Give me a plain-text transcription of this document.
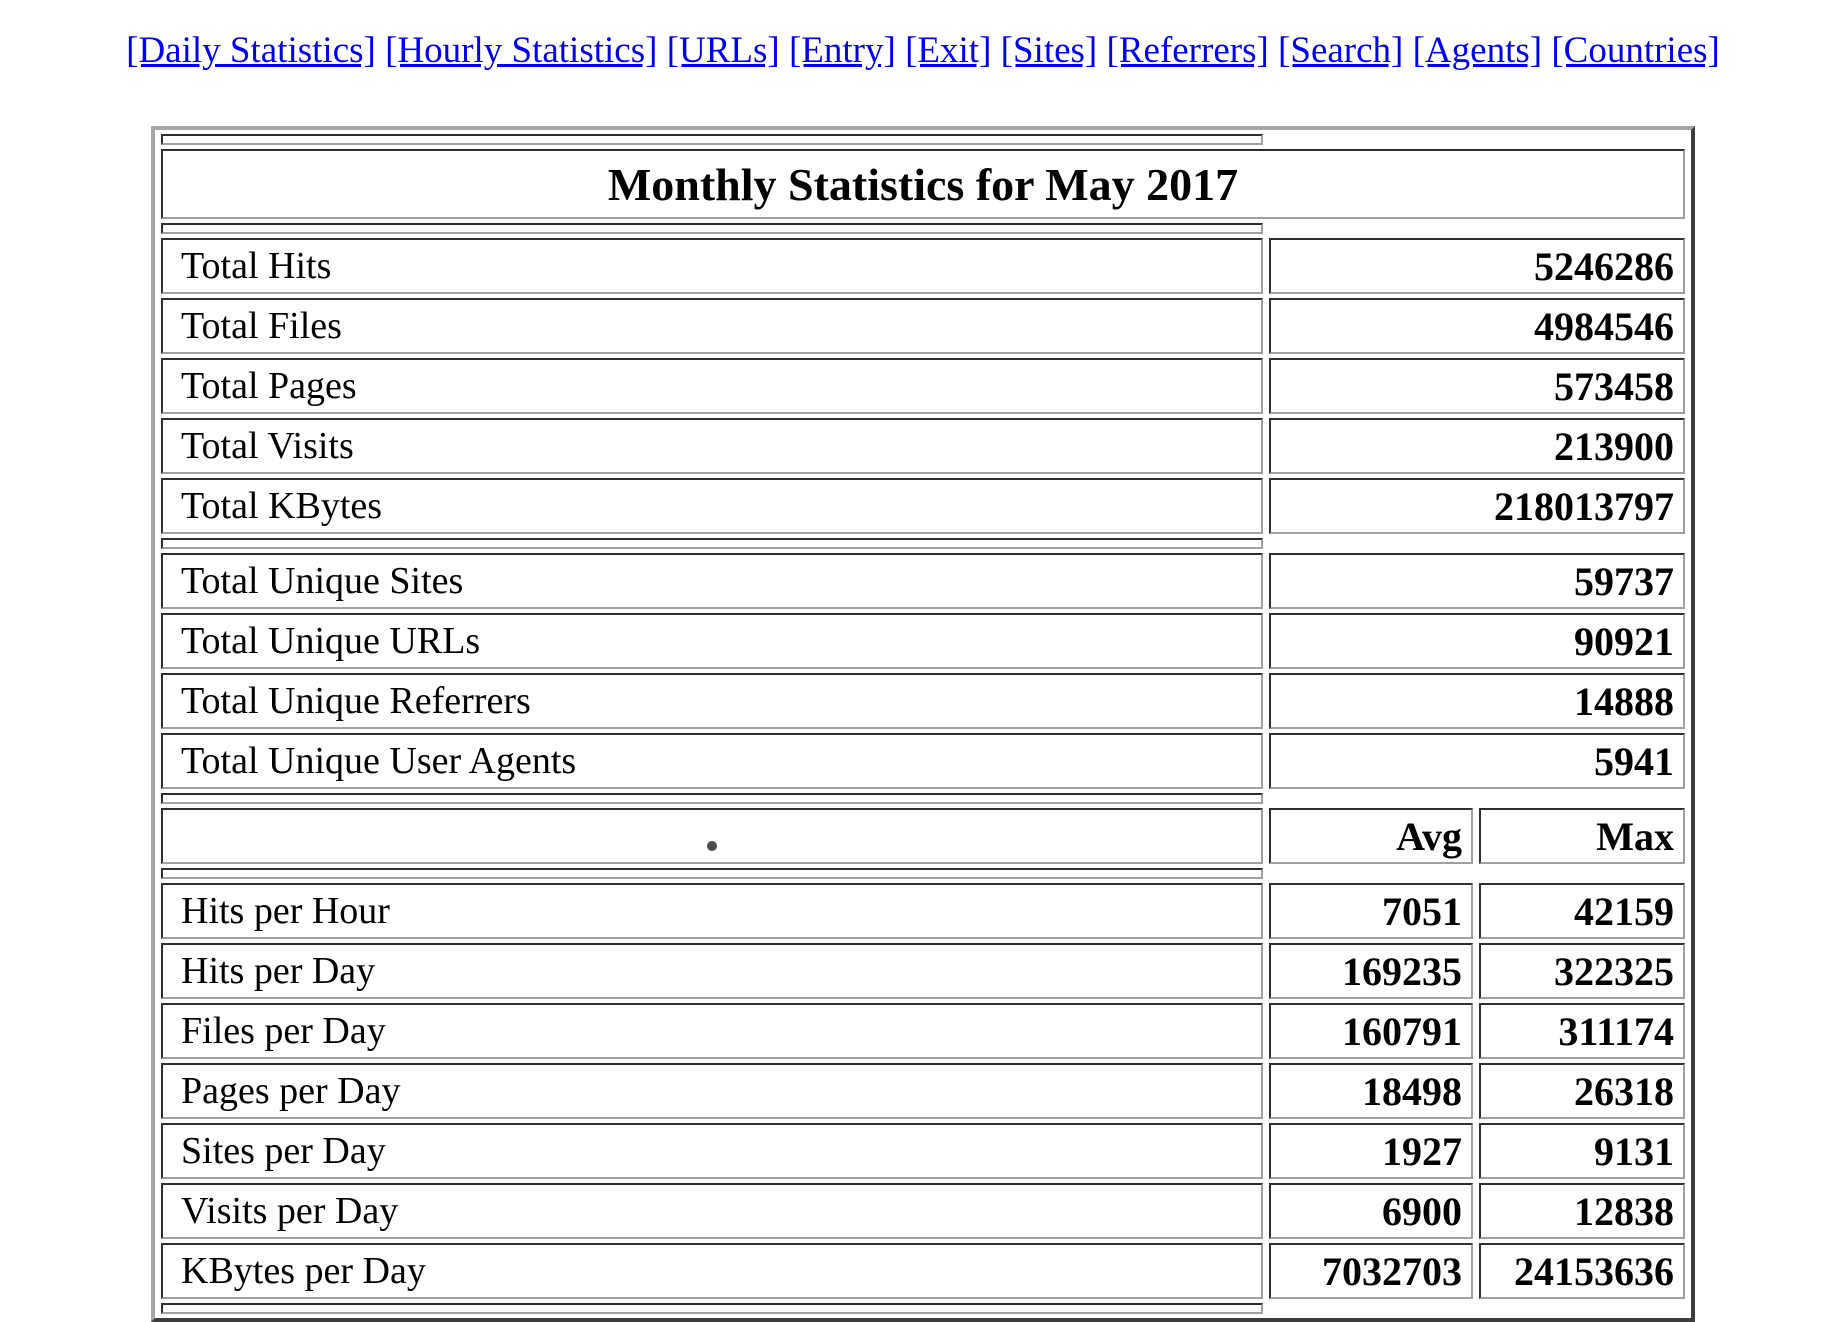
[Daily Statistics] [Hourly Statistics] [URLs] [Entry] [Exit] [Sites] [Referrers] [Search] [Agents] [Countries]

Monthly Statistics for May 2017		

Total Hits	5246286	
Total Files	4984546	
Total Pages	573458	
Total Visits	213900	
Total KBytes	218013797	

Total Unique Sites	59737	
Total Unique URLs	90921	
Total Unique Referrers	14888	
Total Unique User Agents	5941	

	Avg	Max

Hits per Hour	7051	42159
Hits per Day	169235	322325
Files per Day	160791	311174
Pages per Day	18498	26318
Sites per Day	1927	9131
Visits per Day	6900	12838
KBytes per Day	7032703	24153636
